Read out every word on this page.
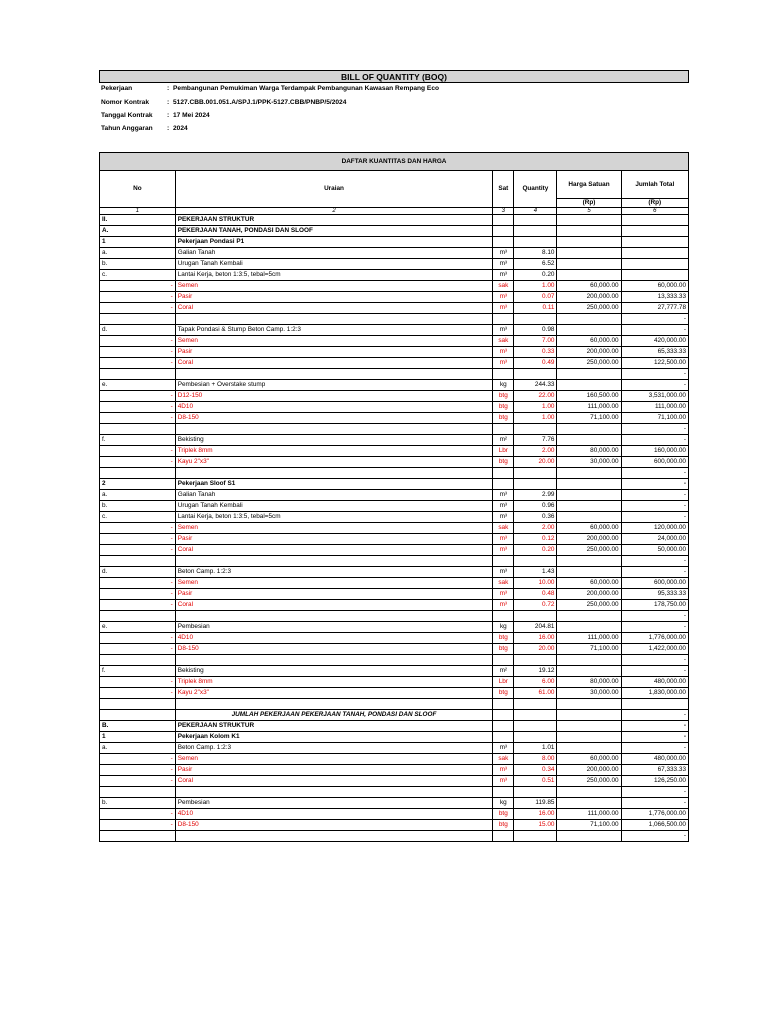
BILL OF QUANTITY (BOQ)
Pekerjaan	: Pembangunan Pemukiman Warga Terdampak Pembangunan Kawasan Rempang Eco
Nomor Kontrak	: 5127.CBB.001.051.A/SPJ.1/PPK-5127.CBB/PNBP/5/2024
Tanggal Kontrak : 17 Mei 2024
Tahun Anggaran : 2024
DAFTAR KUANTITAS DAN HARGA					
No	Uraian	Sat	Quantity	Harga Satuan	Jumlah Total
				(Rp)	(Rp)
1	2	3	4	5	6
II.	PEKERJAAN STRUKTUR				
A.	PEKERJAAN TANAH, PONDASI DAN SLOOF				
1	Pekerjaan Pondasi P1				
a.	Galian Tanah	m³	8.10		
b.	Urugan Tanah Kembali	m³	6.52		
c.	Lantai Kerja, beton 1:3:5, tebal=5cm	m³	0.20		
-	Semen	sak	1.00	60,000.00	60,000.00
-	Pasir	m³	0.07	200,000.00	13,333.33
-	Coral	m³	0.11	250,000.00	27,777.78
					-
d.	Tapak Pondasi & Stump Beton Camp. 1:2:3	m³	0.98		-
-	Semen	sak	7.00	60,000.00	420,000.00
-	Pasir	m³	0.33	200,000.00	65,333.33
-	Coral	m³	0.49	250,000.00	122,500.00
					-
e.	Pembesian + Overstake stump	kg	244.33		-
-	D12-150	btg	22.00	160,500.00	3,531,000.00
-	4D10	btg	1.00	111,000.00	111,000.00
-	D8-150	btg	1.00	71,100.00	71,100.00
					-
f.	Bekisting	m²	7.76		-
-	Triplek 8mm	Lbr	2.00	80,000.00	160,000.00
-	Kayu 2"x3"	btg	20.00	30,000.00	600,000.00
					-
2	Pekerjaan Sloof S1				-
a.	Galian Tanah	m³	2.99		-
b.	Urugan Tanah Kembali	m³	0.96		-
c.	Lantai Kerja, beton 1:3:5, tebal=5cm	m³	0.36		-
-	Semen	sak	2.00	60,000.00	120,000.00
-	Pasir	m³	0.12	200,000.00	24,000.00
-	Coral	m³	0.20	250,000.00	50,000.00
					-
d.	Beton Camp. 1:2:3	m³	1.43		-
-	Semen	sak	10.00	60,000.00	600,000.00
-	Pasir	m³	0.48	200,000.00	95,333.33
-	Coral	m³	0.72	250,000.00	178,750.00
					-
e.	Pembesian	kg	204.81		-
-	4D10	btg	16.00	111,000.00	1,776,000.00
-	D8-150	btg	20.00	71,100.00	1,422,000.00
					-
f.	Bekisting	m²	19.12		-
-	Triplek 8mm	Lbr	6.00	80,000.00	480,000.00
-	Kayu 2"x3"	btg	61.00	30,000.00	1,830,000.00

	JUMLAH PEKERJAAN PEKERJAAN TANAH, PONDASI DAN SLOOF				-
B.	PEKERJAAN STRUKTUR				-
1	Pekerjaan Kolom K1				-
a.	Beton Camp. 1:2:3	m³	1.01		-
-	Semen	sak	8.00	60,000.00	480,000.00
-	Pasir	m³	0.34	200,000.00	67,333.33
-	Coral	m³	0.51	250,000.00	126,250.00
					-
b.	Pembesian	kg	119.85		-
-	4D10	btg	16.00	111,000.00	1,776,000.00
-	D8-150	btg	15.00	71,100.00	1,066,500.00
					-
